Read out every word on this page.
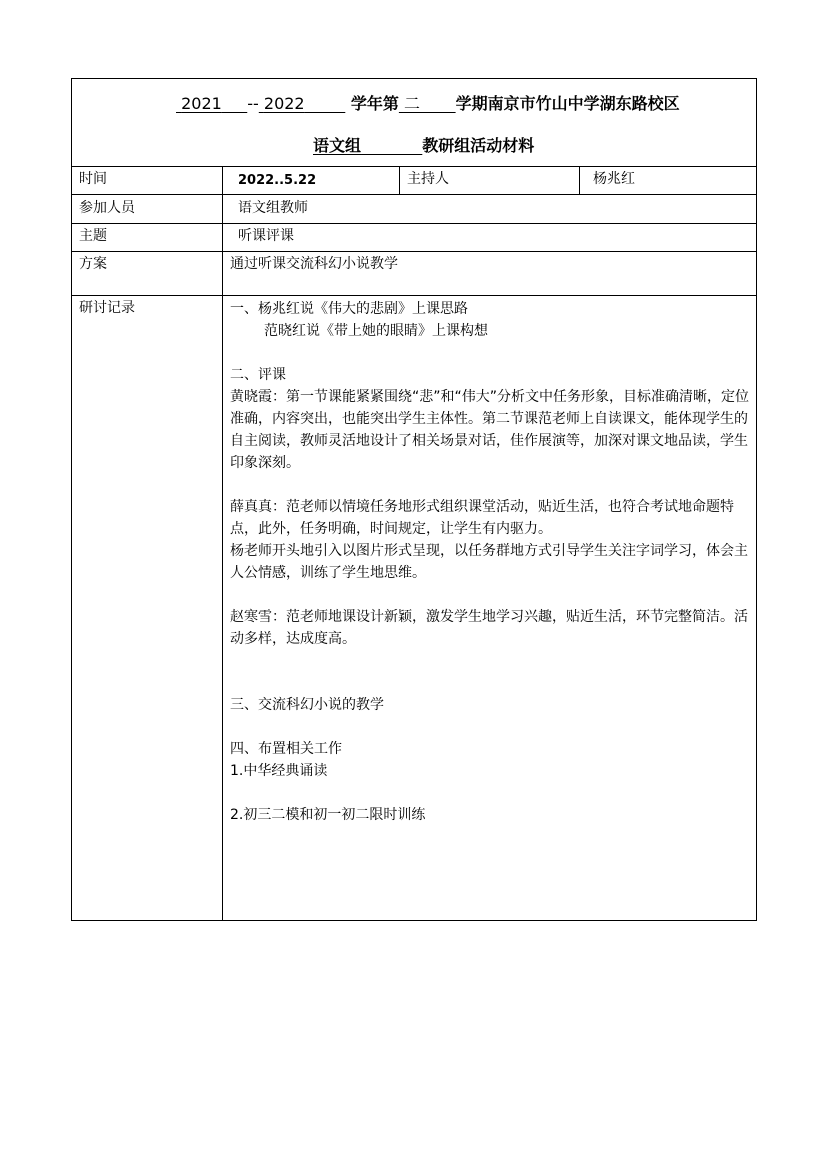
2021 -- 2022	学年第 二 学期南京市竹山中学湖东路校区
语文组	教研组活动材料
时间	2022..5.22	主持人	杨兆红
参加人员	语文组教师
主题	听课评课
方案	通过听课交流科幻小说教学
研讨记录	一、杨兆红说《伟大的悲剧》上课思路

范晓红说《带上她的眼睛》上课构想

二、评课

黄晓霞：第一节课能紧紧围绕“悲”和“伟大”分析文中任务形象，目标准确清晰，定位准确，内容突出，也能突出学生主体性。第二节课范老师上自读课文，能体现学生的自主阅读，教师灵活地设计了相关场景对话，佳作展演等，加深对课文地品读，学生印象深刻。

薛真真：范老师以情境任务地形式组织课堂活动，贴近生活，也符合考试地命题特点，此外，任务明确，时间规定，让学生有内驱力。

杨老师开头地引入以图片形式呈现，以任务群地方式引导学生关注字词学习，体会主人公情感，训练了学生地思维。

赵寒雪：范老师地课设计新颖，激发学生地学习兴趣，贴近生活，环节完整简洁。活动多样，达成度高。

三、交流科幻小说的教学

四、布置相关工作

1.中华经典诵读

2.初三二模和初一初二限时训练
